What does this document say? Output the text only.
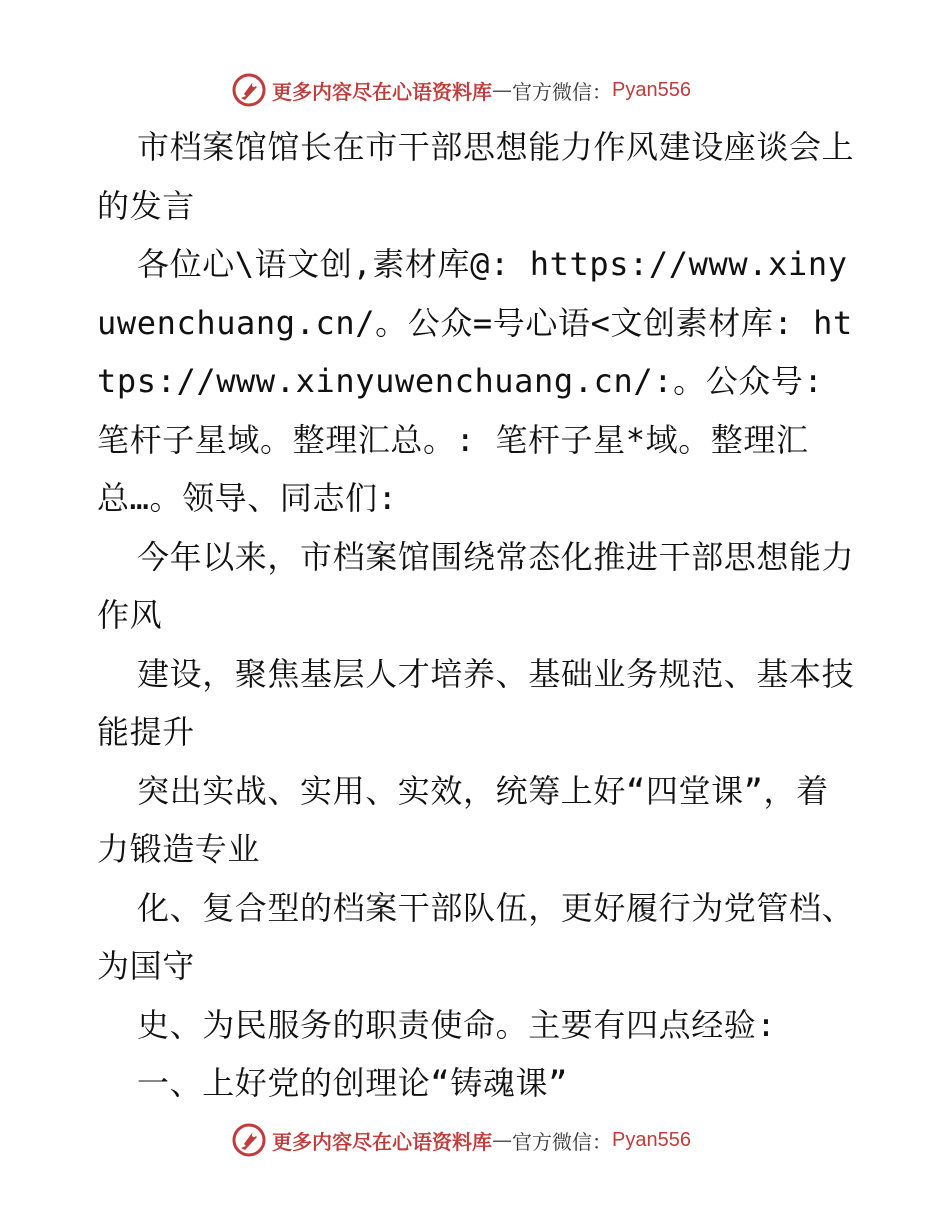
更多内容尽在心语资料库 — 官方微信： Pyan556

市档案馆馆长在市干部思想能力作风建设座谈会上的发言

各位心\语文创,素材库@: https://www.xinyuwenchuang.cn/。公众=号心语<文创素材库: https://www.xinyuwenchuang.cn/:。公众号: 笔杆子星域。整理汇总。: 笔杆子星*域。整理汇总…。领导、同志们:

今年以来，市档案馆围绕常态化推进干部思想能力作风

建设，聚焦基层人才培养、基础业务规范、基本技能提升

突出实战、实用、实效，统筹上好“四堂课”，着力锻造专业

化、复合型的档案干部队伍，更好履行为党管档、为国守

史、为民服务的职责使命。主要有四点经验:

一、上好党的创理论“铸魂课”

更多内容尽在心语资料库 — 官方微信： Pyan556
